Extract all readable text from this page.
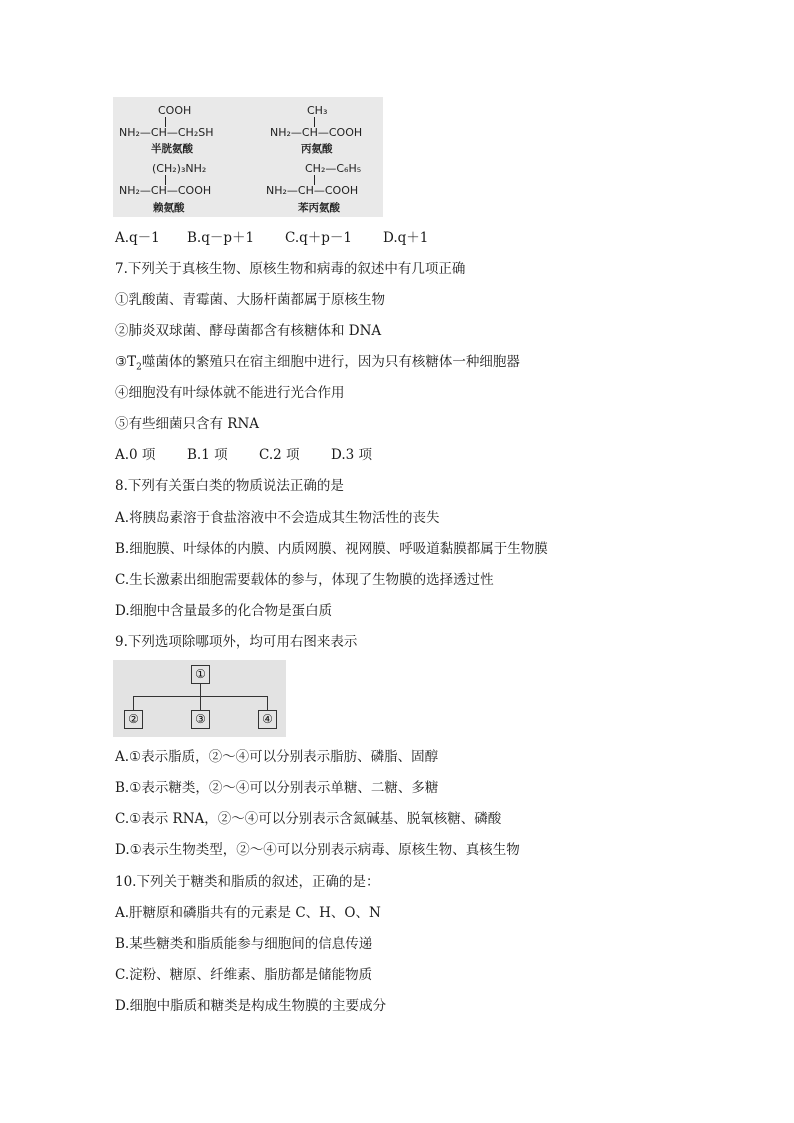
COOH
NH₂—CH—CH₂SH
半胱氨酸
CH₃
NH₂—CH—COOH
丙氨酸
(CH₂)₃NH₂
NH₂—CH—COOH
赖氨酸
CH₂—C₆H₅
NH₂—CH—COOH
苯丙氨酸
A.q－1 B.q－p＋1 C.q＋p－1 D.q＋1
7.下列关于真核生物、原核生物和病毒的叙述中有几项正确
①乳酸菌、青霉菌、大肠杆菌都属于原核生物
②肺炎双球菌、酵母菌都含有核糖体和 DNA
$③T_2$噬菌体的繁殖只在宿主细胞中进行，因为只有核糖体一种细胞器
④细胞没有叶绿体就不能进行光合作用
⑤有些细菌只含有 RNA
A.0 项 B.1 项 C.2 项 D.3 项
8.下列有关蛋白类的物质说法正确的是
A.将胰岛素溶于食盐溶液中不会造成其生物活性的丧失
B.细胞膜、叶绿体的内膜、内质网膜、视网膜、呼吸道黏膜都属于生物膜
C.生长激素出细胞需要载体的参与，体现了生物膜的选择透过性
D.细胞中含量最多的化合物是蛋白质
9.下列选项除哪项外，均可用右图来表示
①
②	③	④
A.①表示脂质，②～④可以分别表示脂肪、磷脂、固醇
B.①表示糖类，②～④可以分别表示单糖、二糖、多糖
C.①表示 RNA，②～④可以分别表示含氮碱基、脱氧核糖、磷酸
D.①表示生物类型，②～④可以分别表示病毒、原核生物、真核生物
10.下列关于糖类和脂质的叙述，正确的是：
A.肝糖原和磷脂共有的元素是 C、H、O、N
B.某些糖类和脂质能参与细胞间的信息传递
C.淀粉、糖原、纤维素、脂肪都是储能物质
D.细胞中脂质和糖类是构成生物膜的主要成分
